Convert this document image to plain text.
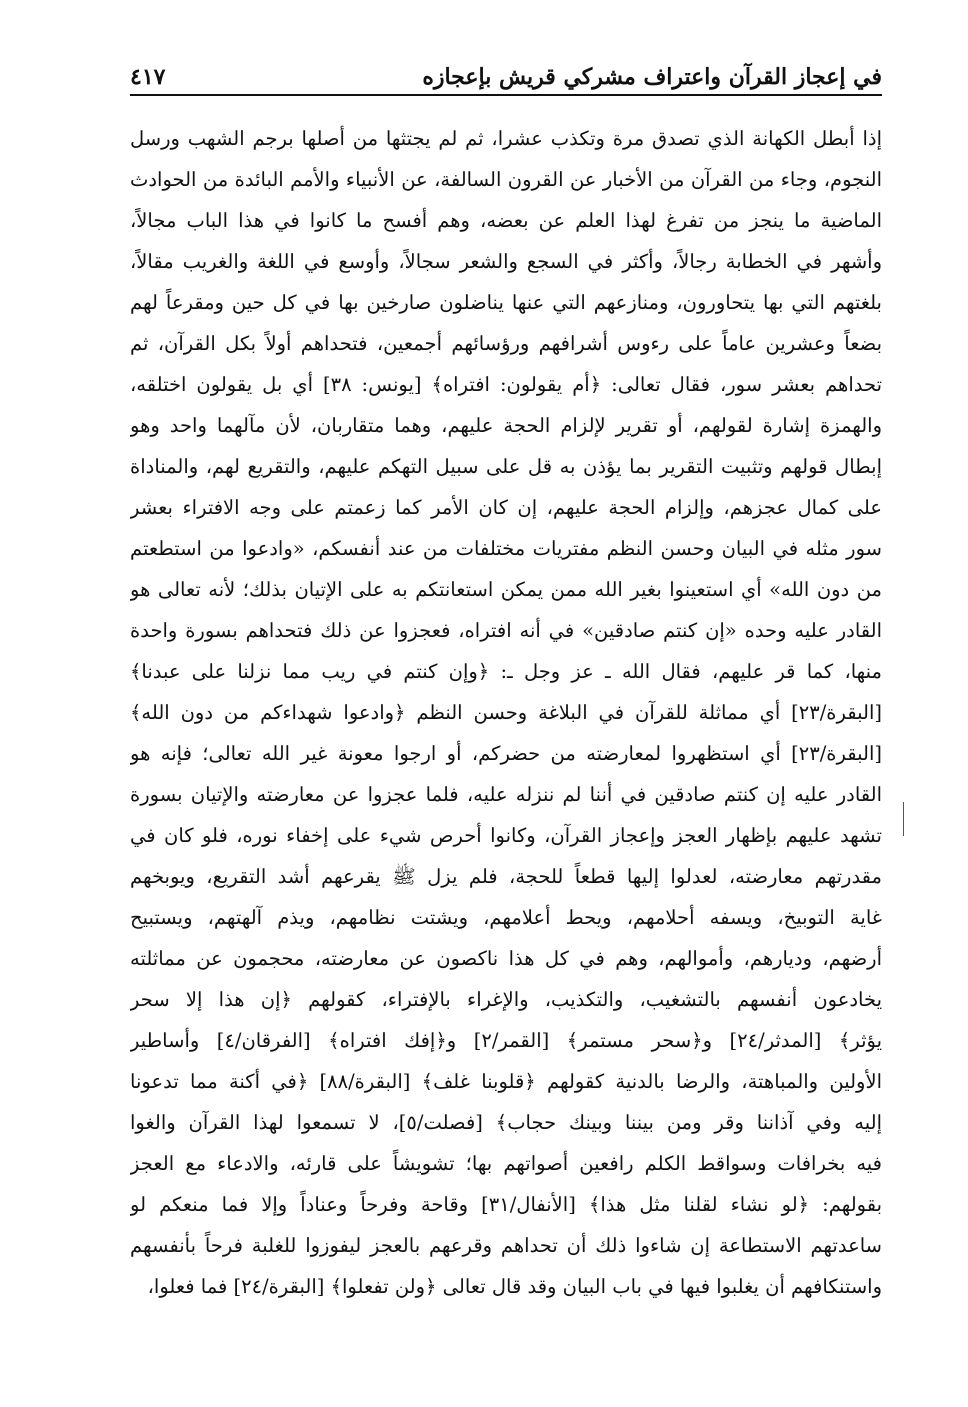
في إعجاز القرآن واعتراف مشركي قريش بإعجازه
٤١٧
إذا أبطل الكهانة الذي تصدق مرة وتكذب عشرا، ثم لم يجتثها من أصلها برجم الشهب ورسل
النجوم، وجاء من القرآن من الأخبار عن القرون السالفة، عن الأنبياء والأمم البائدة من الحوادث
الماضية ما ينجز من تفرغ لهذا العلم عن بعضه، وهم أفسح ما كانوا في هذا الباب مجالاً،
وأشهر في الخطابة رجالاً، وأكثر في السجع والشعر سجالاً، وأوسع في اللغة والغريب مقالاً،
بلغتهم التي بها يتحاورون، ومنازعهم التي عنها يناضلون صارخين بها في كل حين ومقرعاً لهم
بضعاً وعشرين عاماً على رءوس أشرافهم ورؤسائهم أجمعين، فتحداهم أولاً بكل القرآن، ثم
تحداهم بعشر سور، فقال تعالى: ﴿أم يقولون: افتراه﴾ [يونس: ٣٨] أي بل يقولون اختلقه،
والهمزة إشارة لقولهم، أو تقرير لإلزام الحجة عليهم، وهما متقاربان، لأن مآلهما واحد وهو
إبطال قولهم وتثبيت التقرير بما يؤذن به قل على سبيل التهكم عليهم، والتقريع لهم، والمناداة
على كمال عجزهم، وإلزام الحجة عليهم، إن كان الأمر كما زعمتم على وجه الافتراء بعشر
سور مثله في البيان وحسن النظم مفتريات مختلفات من عند أنفسكم، «وادعوا من استطعتم
من دون الله» أي استعينوا بغير الله ممن يمكن استعانتكم به على الإتيان بذلك؛ لأنه تعالى هو
القادر عليه وحده «إن كنتم صادقين» في أنه افتراه، فعجزوا عن ذلك فتحداهم بسورة واحدة
منها، كما قر عليهم، فقال الله ـ عز وجل ـ: ﴿وإن كنتم في ريب مما نزلنا على عبدنا﴾
[البقرة/٢٣] أي مماثلة للقرآن في البلاغة وحسن النظم ﴿وادعوا شهداءكم من دون الله﴾
[البقرة/٢٣] أي استظهروا لمعارضته من حضركم، أو ارجوا معونة غير الله تعالى؛ فإنه هو
القادر عليه إن كنتم صادقين في أننا لم ننزله عليه، فلما عجزوا عن معارضته والإتيان بسورة
تشهد عليهم بإظهار العجز وإعجاز القرآن، وكانوا أحرص شيء على إخفاء نوره، فلو كان في
مقدرتهم معارضته، لعدلوا إليها قطعاً للحجة، فلم يزل ﷺ يقرعهم أشد التقريع، ويوبخهم
غاية التوبيخ، ويسفه أحلامهم، ويحط أعلامهم، ويشتت نظامهم، ويذم آلهتهم، ويستبيح
أرضهم، وديارهم، وأموالهم، وهم في كل هذا ناكصون عن معارضته، محجمون عن مماثلته
يخادعون أنفسهم بالتشغيب، والتكذيب، والإغراء بالإفتراء، كقولهم ﴿إن هذا إلا سحر
يؤثر﴾ [المدثر/٢٤] و﴿سحر مستمر﴾ [القمر/٢] و﴿إفك افتراه﴾ [الفرقان/٤] وأساطير
الأولين والمباهتة، والرضا بالدنية كقولهم ﴿قلوبنا غلف﴾ [البقرة/٨٨] ﴿في أكنة مما تدعونا
إليه وفي آذاننا وقر ومن بيننا وبينك حجاب﴾ [فصلت/٥]، لا تسمعوا لهذا القرآن والغوا
فيه بخرافات وسواقط الكلم رافعين أصواتهم بها؛ تشويشاً على قارئه، والادعاء مع العجز
بقولهم: ﴿لو نشاء لقلنا مثل هذا﴾ [الأنفال/٣١] وقاحة وفرحاً وعناداً وإلا فما منعكم لو
ساعدتهم الاستطاعة إن شاءوا ذلك أن تحداهم وقرعهم بالعجز ليفوزوا للغلبة فرحاً بأنفسهم
واستنكافهم أن يغلبوا فيها في باب البيان وقد قال تعالى ﴿ولن تفعلوا﴾ [البقرة/٢٤] فما فعلوا،
